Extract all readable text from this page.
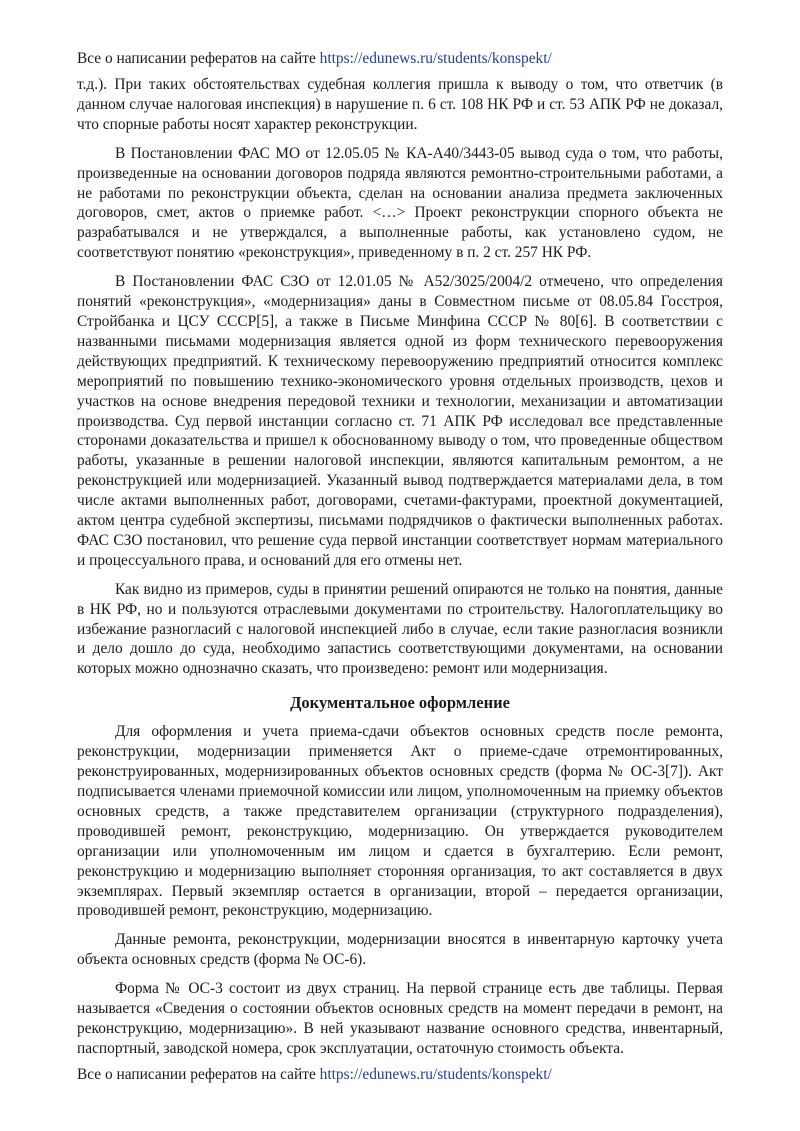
Все о написании рефератов на сайте https://edunews.ru/students/konspekt/

т.д.). При таких обстоятельствах судебная коллегия пришла к выводу о том, что ответчик (в данном случае налоговая инспекция) в нарушение п. 6 ст. 108 НК РФ и ст. 53 АПК РФ не доказал, что спорные работы носят характер реконструкции.

В Постановлении ФАС МО от 12.05.05 № КА-А40/3443-05 вывод суда о том, что работы, произведенные на основании договоров подряда являются ремонтно-строительными работами, а не работами по реконструкции объекта, сделан на основании анализа предмета заключенных договоров, смет, актов о приемке работ. <…> Проект реконструкции спорного объекта не разрабатывался и не утверждался, а выполненные работы, как установлено судом, не соответствуют понятию «реконструкция», приведенному в п. 2 ст. 257 НК РФ.

В Постановлении ФАС СЗО от 12.01.05 № А52/3025/2004/2 отмечено, что определения понятий «реконструкция», «модернизация» даны в Совместном письме от 08.05.84 Госстроя, Стройбанка и ЦСУ СССР[5], а также в Письме Минфина СССР № 80[6]. В соответствии с названными письмами модернизация является одной из форм технического перевооружения действующих предприятий. К техническому перевооружению предприятий относится комплекс мероприятий по повышению технико-экономического уровня отдельных производств, цехов и участков на основе внедрения передовой техники и технологии, механизации и автоматизации производства. Суд первой инстанции согласно ст. 71 АПК РФ исследовал все представленные сторонами доказательства и пришел к обоснованному выводу о том, что проведенные обществом работы, указанные в решении налоговой инспекции, являются капитальным ремонтом, а не реконструкцией или модернизацией. Указанный вывод подтверждается материалами дела, в том числе актами выполненных работ, договорами, счетами-фактурами, проектной документацией, актом центра судебной экспертизы, письмами подрядчиков о фактически выполненных работах. ФАС СЗО постановил, что решение суда первой инстанции соответствует нормам материального и процессуального права, и оснований для его отмены нет.

Как видно из примеров, суды в принятии решений опираются не только на понятия, данные в НК РФ, но и пользуются отраслевыми документами по строительству. Налогоплательщику во избежание разногласий с налоговой инспекцией либо в случае, если такие разногласия возникли и дело дошло до суда, необходимо запастись соответствующими документами, на основании которых можно однозначно сказать, что произведено: ремонт или модернизация.

Документальное оформление

Для оформления и учета приема-сдачи объектов основных средств после ремонта, реконструкции, модернизации применяется Акт о приеме-сдаче отремонтированных, реконструированных, модернизированных объектов основных средств (форма № ОС-3[7]). Акт подписывается членами приемочной комиссии или лицом, уполномоченным на приемку объектов основных средств, а также представителем организации (структурного подразделения), проводившей ремонт, реконструкцию, модернизацию. Он утверждается руководителем организации или уполномоченным им лицом и сдается в бухгалтерию. Если ремонт, реконструкцию и модернизацию выполняет сторонняя организация, то акт составляется в двух экземплярах. Первый экземпляр остается в организации, второй – передается организации, проводившей ремонт, реконструкцию, модернизацию.

Данные ремонта, реконструкции, модернизации вносятся в инвентарную карточку учета объекта основных средств (форма № ОС-6).

Форма № ОС-3 состоит из двух страниц. На первой странице есть две таблицы. Первая называется «Сведения о состоянии объектов основных средств на момент передачи в ремонт, на реконструкцию, модернизацию». В ней указывают название основного средства, инвентарный, паспортный, заводской номера, срок эксплуатации, остаточную стоимость объекта.

Все о написании рефератов на сайте https://edunews.ru/students/konspekt/
